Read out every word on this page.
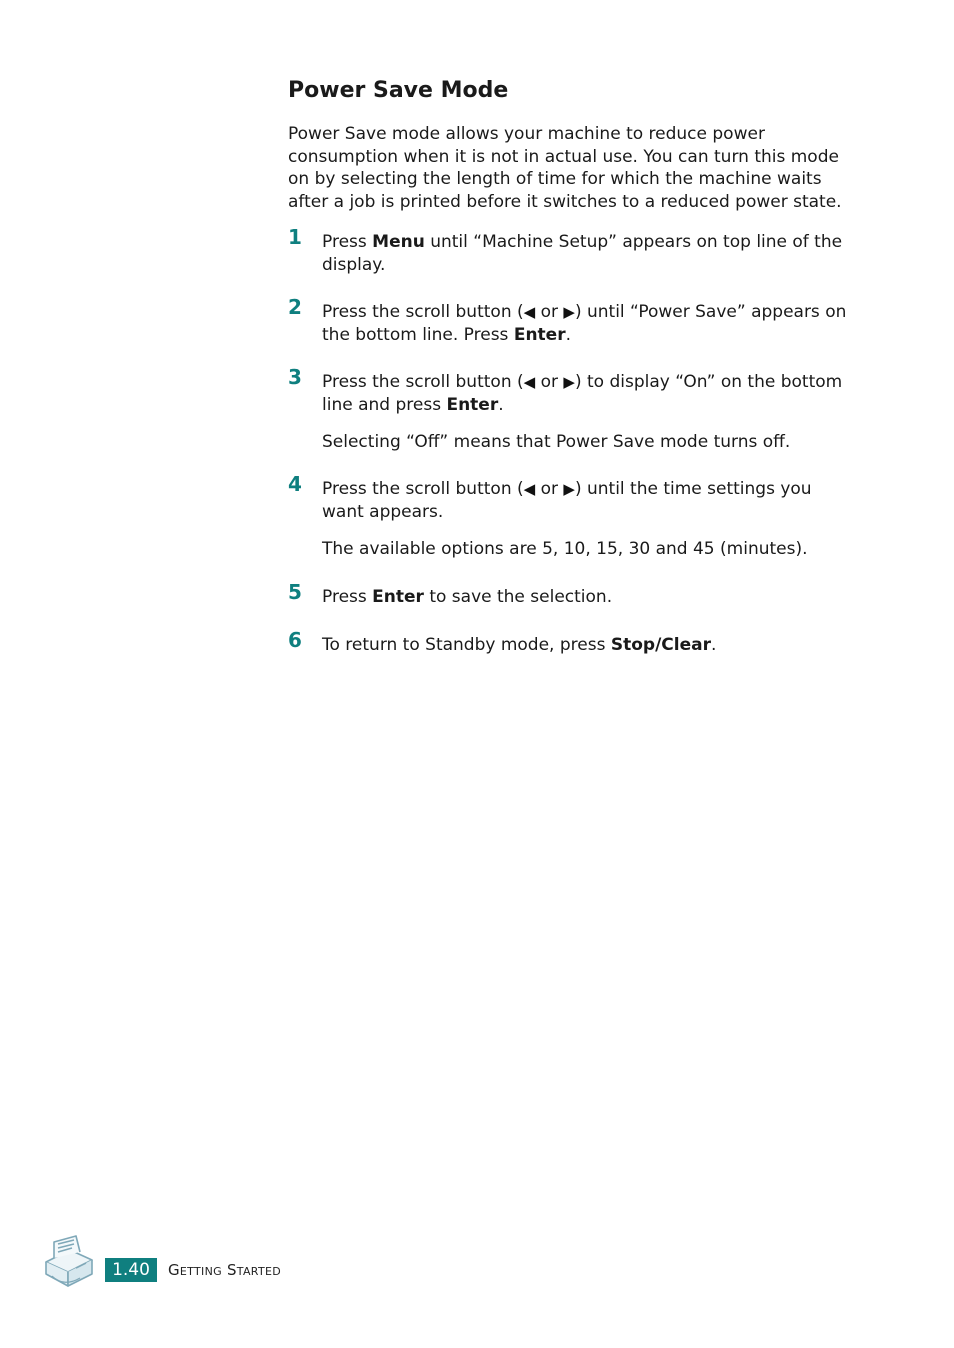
Power Save Mode

Power Save mode allows your machine to reduce power consumption when it is not in actual use. You can turn this mode on by selecting the length of time for which the machine waits after a job is printed before it switches to a reduced power state.

1 Press Menu until “Machine Setup” appears on top line of the display.
2 Press the scroll button (◀ or ▶) until “Power Save” appears on the bottom line. Press Enter.
3 Press the scroll button (◀ or ▶) to display “On” on the bottom line and press Enter.
Selecting “Off” means that Power Save mode turns off.
4 Press the scroll button (◀ or ▶) until the time settings you want appears.
The available options are 5, 10, 15, 30 and 45 (minutes).
5 Press Enter to save the selection.
6 To return to Standby mode, press Stop/Clear.
1.40	Getting Started
